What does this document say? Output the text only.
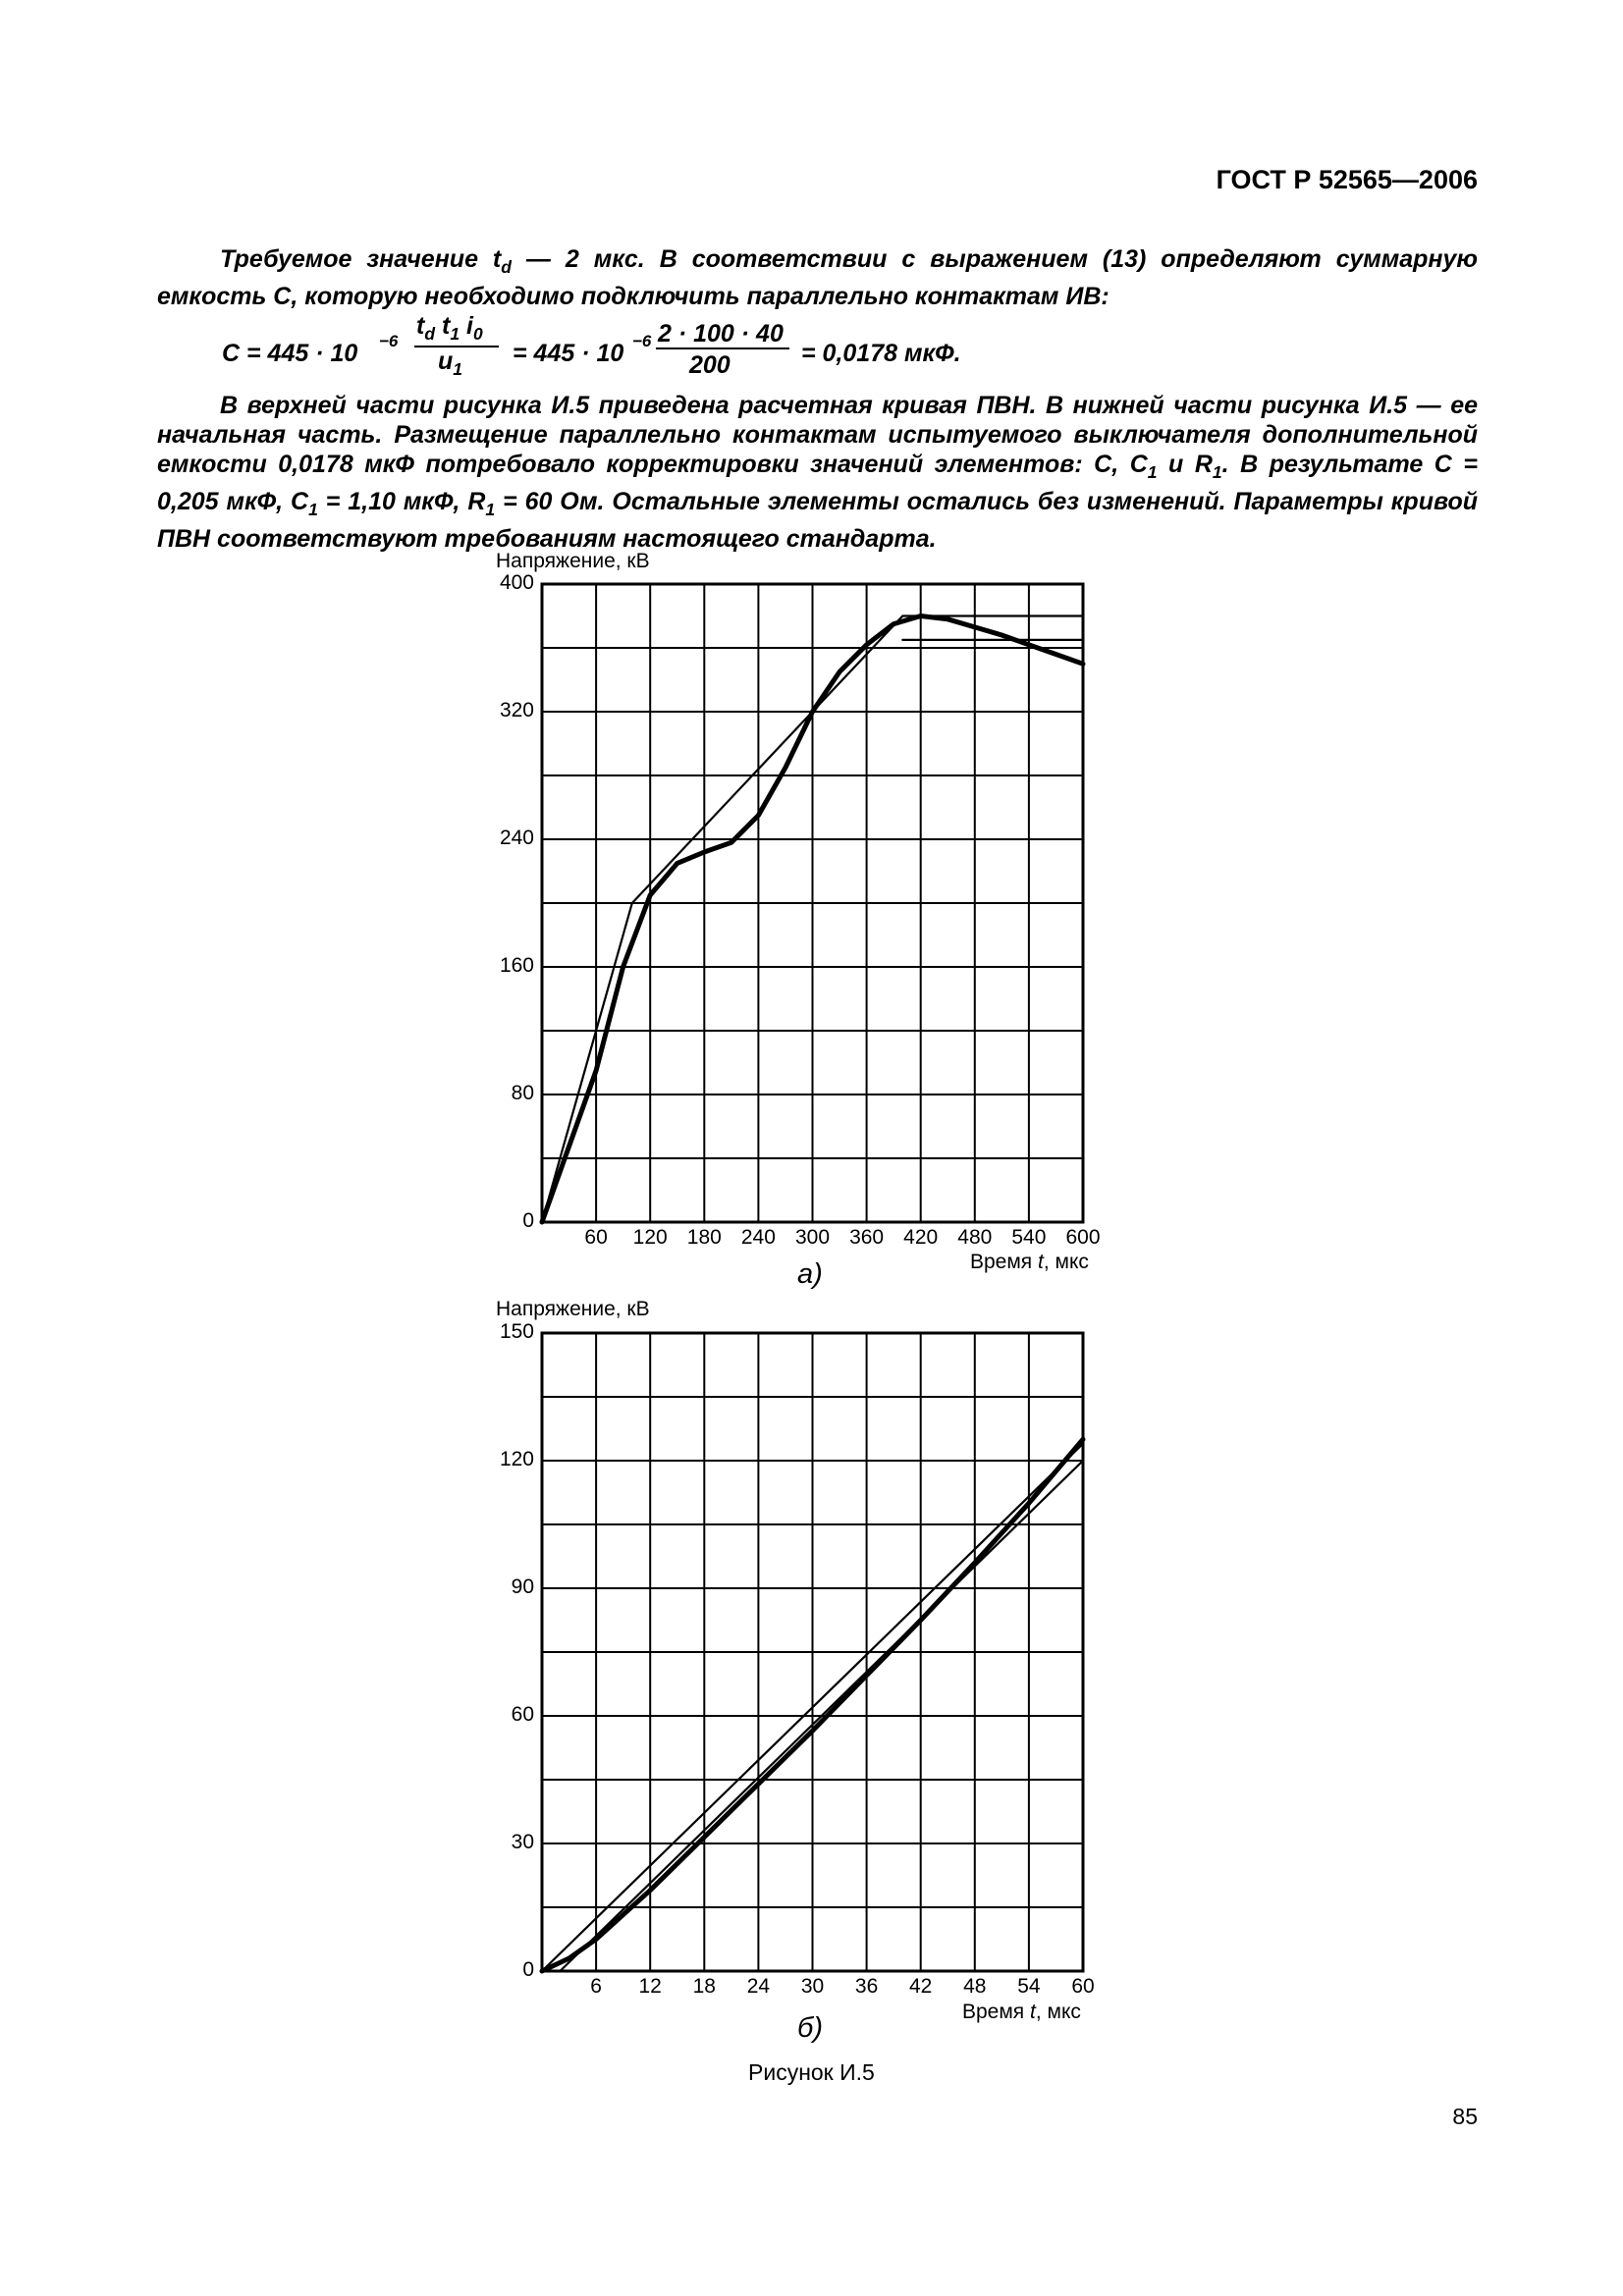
ГОСТ Р 52565—2006
Требуемое значение $t_d$ — 2 мкс. В соответствии с выражением (13) определяют суммарную емкость С, которую необходимо подключить параллельно контактам ИВ:
C = 445 · 10 −6
$t_d$ $t_1$ $i_0$
$u_1$
= 445 · 10 −6 2 · 100 · 40
200	= 0,0178 мкФ.
В верхней части рисунка И.5 приведена расчетная кривая ПВН. В нижней части рисунка И.5 — ее начальная часть. Размещение параллельно контактам испытуемого выключателя дополнительной емкости 0,0178 мкФ потребовало корректировки значений элементов: С, $C_1$ и $R_1$. В результате С = 0,205 мкФ, $C_1 = 1,10$ мкФ, $R_1 = 60$ Ом. Остальные элементы остались без изменений. Параметры кривой ПВН соответствуют требованиям настоящего стандарта.
Напряжение, кВ
0
80
160
240
320
400
60	120 180 240 300 360 420 480 540 600
Время t, мкс
а)
Напряжение, кВ
0
30
60
90
120
150
6	12	18	24	30	36	42	48	54	60
Время t, мкс
б)
Рисунок И.5
85
